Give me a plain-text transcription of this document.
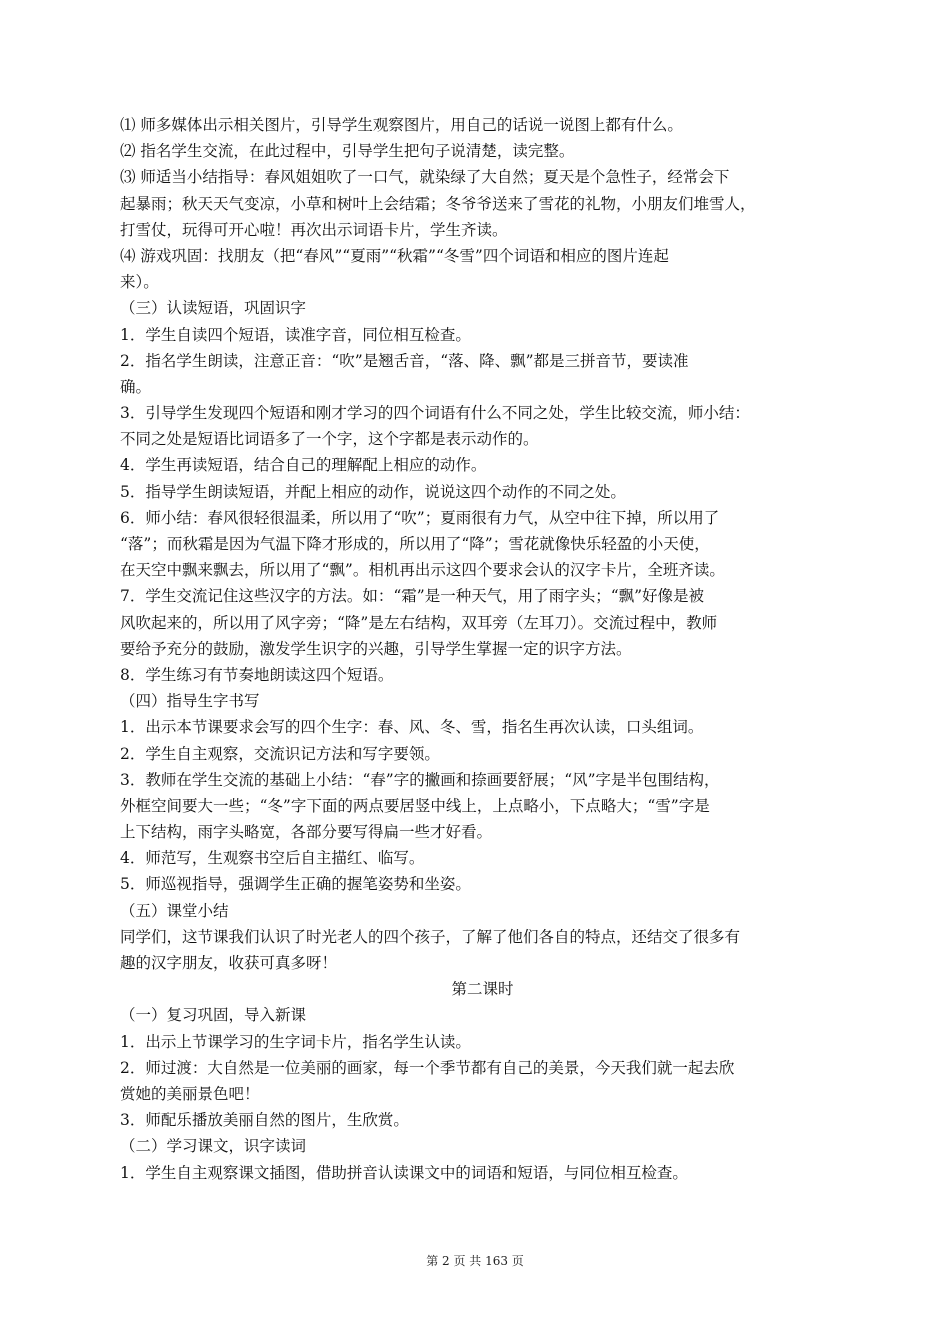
⑴ 师多媒体出示相关图片，引导学生观察图片，用自己的话说一说图上都有什么。
⑵ 指名学生交流，在此过程中，引导学生把句子说清楚，读完整。
⑶ 师适当小结指导：春风姐姐吹了一口气，就染绿了大自然；夏天是个急性子，经常会下
起暴雨；秋天天气变凉，小草和树叶上会结霜；冬爷爷送来了雪花的礼物，小朋友们堆雪人，
打雪仗，玩得可开心啦！再次出示词语卡片，学生齐读。
⑷ 游戏巩固：找朋友（把“春风”“夏雨”“秋霜”“冬雪”四个词语和相应的图片连起
来）。
（三）认读短语，巩固识字
1．学生自读四个短语，读准字音，同位相互检查。
2．指名学生朗读，注意正音：“吹”是翘舌音，“落、降、飘”都是三拼音节，要读准
确。
3．引导学生发现四个短语和刚才学习的四个词语有什么不同之处，学生比较交流，师小结：
不同之处是短语比词语多了一个字，这个字都是表示动作的。
4．学生再读短语，结合自己的理解配上相应的动作。
5．指导学生朗读短语，并配上相应的动作，说说这四个动作的不同之处。
6．师小结：春风很轻很温柔，所以用了“吹”；夏雨很有力气，从空中往下掉，所以用了
“落”；而秋霜是因为气温下降才形成的，所以用了“降”；雪花就像快乐轻盈的小天使，
在天空中飘来飘去，所以用了“飘”。相机再出示这四个要求会认的汉字卡片，全班齐读。
7．学生交流记住这些汉字的方法。如：“霜”是一种天气，用了雨字头；“飘”好像是被
风吹起来的，所以用了风字旁；“降”是左右结构，双耳旁（左耳刀）。交流过程中，教师
要给予充分的鼓励，激发学生识字的兴趣，引导学生掌握一定的识字方法。
8．学生练习有节奏地朗读这四个短语。
（四）指导生字书写
1．出示本节课要求会写的四个生字：春、风、冬、雪，指名生再次认读，口头组词。
2．学生自主观察，交流识记方法和写字要领。
3．教师在学生交流的基础上小结：“春”字的撇画和捺画要舒展；“风”字是半包围结构，
外框空间要大一些；“冬”字下面的两点要居竖中线上，上点略小，下点略大；“雪”字是
上下结构，雨字头略宽，各部分要写得扁一些才好看。
4．师范写，生观察书空后自主描红、临写。
5．师巡视指导，强调学生正确的握笔姿势和坐姿。
（五）课堂小结
同学们，这节课我们认识了时光老人的四个孩子，了解了他们各自的特点，还结交了很多有
趣的汉字朋友，收获可真多呀！
第二课时
（一）复习巩固，导入新课
1．出示上节课学习的生字词卡片，指名学生认读。
2．师过渡：大自然是一位美丽的画家，每一个季节都有自己的美景，今天我们就一起去欣
赏她的美丽景色吧！
3．师配乐播放美丽自然的图片，生欣赏。
（二）学习课文，识字读词
1．学生自主观察课文插图，借助拼音认读课文中的词语和短语，与同位相互检查。
第 2 页 共 163 页
